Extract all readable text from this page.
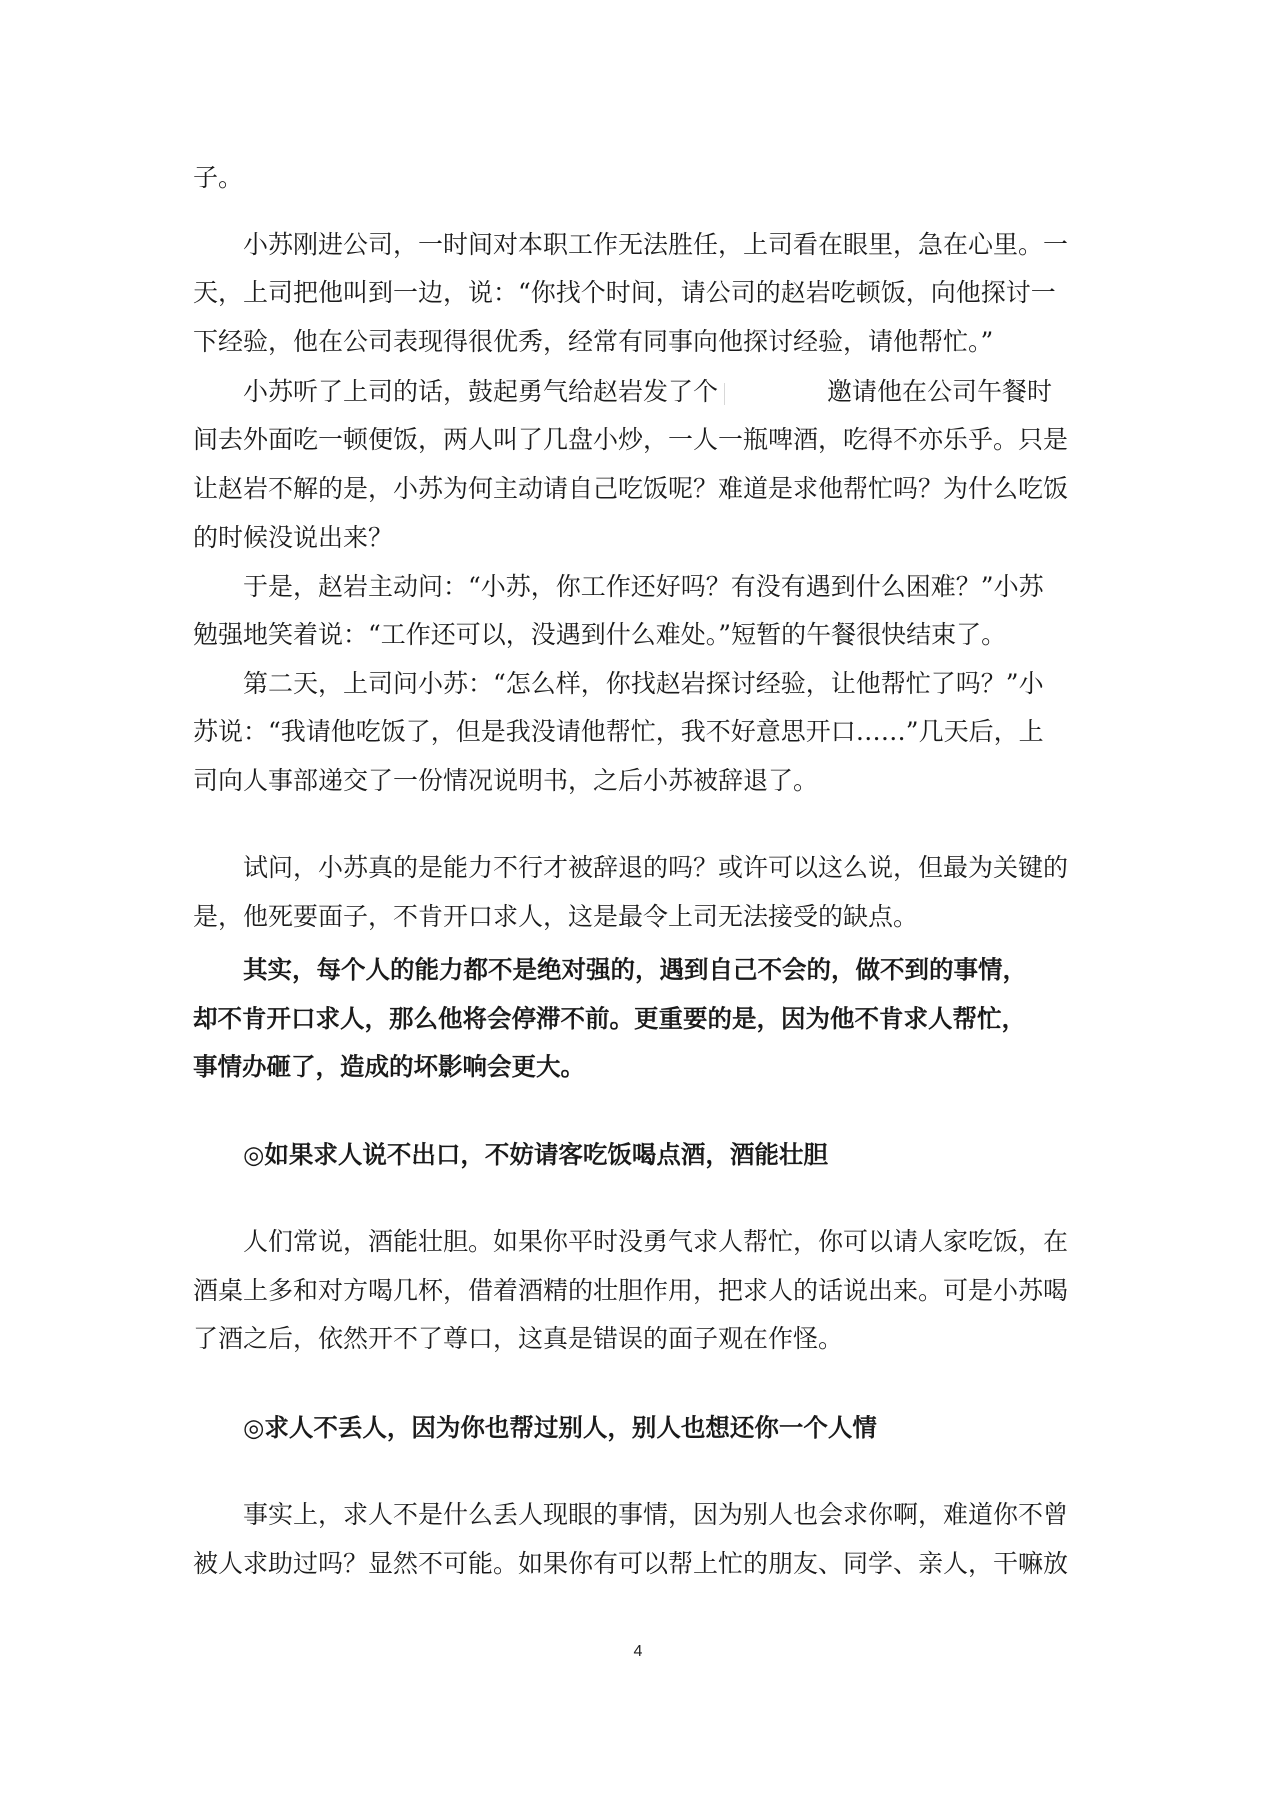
子。
小苏刚进公司，一时间对本职工作无法胜任，上司看在眼里，急在心里。一
天，上司把他叫到一边，说：“你找个时间，请公司的赵岩吃顿饭，向他探讨一
下经验，他在公司表现得很优秀，经常有同事向他探讨经验，请他帮忙。”
小苏听了上司的话，鼓起勇气给赵岩发了个	邀请他在公司午餐时
间去外面吃一顿便饭，两人叫了几盘小炒，一人一瓶啤酒，吃得不亦乐乎。只是
让赵岩不解的是，小苏为何主动请自己吃饭呢？难道是求他帮忙吗？为什么吃饭
的时候没说出来？
于是，赵岩主动问：“小苏，你工作还好吗？有没有遇到什么困难？”小苏
勉强地笑着说：“工作还可以，没遇到什么难处。”短暂的午餐很快结束了。
第二天，上司问小苏：“怎么样，你找赵岩探讨经验，让他帮忙了吗？”小
苏说：“我请他吃饭了，但是我没请他帮忙，我不好意思开口……”几天后，上
司向人事部递交了一份情况说明书，之后小苏被辞退了。
试问，小苏真的是能力不行才被辞退的吗？或许可以这么说，但最为关键的
是，他死要面子，不肯开口求人，这是最令上司无法接受的缺点。
其实，每个人的能力都不是绝对强的，遇到自己不会的，做不到的事情，
却不肯开口求人，那么他将会停滞不前。更重要的是，因为他不肯求人帮忙，
事情办砸了，造成的坏影响会更大。
◎如果求人说不出口，不妨请客吃饭喝点酒，酒能壮胆
人们常说，酒能壮胆。如果你平时没勇气求人帮忙，你可以请人家吃饭，在
酒桌上多和对方喝几杯，借着酒精的壮胆作用，把求人的话说出来。可是小苏喝
了酒之后，依然开不了尊口，这真是错误的面子观在作怪。
◎求人不丢人，因为你也帮过别人，别人也想还你一个人情
事实上，求人不是什么丢人现眼的事情，因为别人也会求你啊，难道你不曾
被人求助过吗？显然不可能。如果你有可以帮上忙的朋友、同学、亲人，干嘛放
4
